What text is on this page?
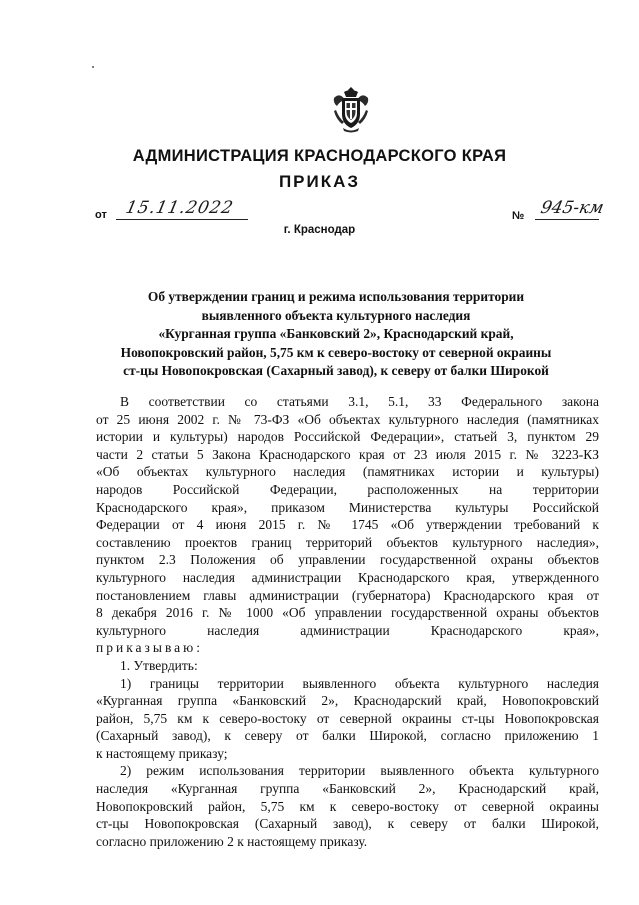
АДМИНИСТРАЦИЯ КРАСНОДАРСКОГО КРАЯ
ПРИКАЗ
от 15.11.2022
г. Краснодар
№ 945-км
Об утверждении границ и режима использования территории
выявленного объекта культурного наследия
«Курганная группа «Банковский 2», Краснодарский край,
Новопокровский район, 5,75 км к северо-востоку от северной окраины
ст-цы Новопокровская (Сахарный завод), к северу от балки Широкой
В соответствии со статьями 3.1, 5.1, 33 Федерального закона
от 25 июня 2002 г. № 73-ФЗ «Об объектах культурного наследия (памятниках
истории и культуры) народов Российской Федерации», статьей 3, пунктом 29
части 2 статьи 5 Закона Краснодарского края от 23 июля 2015 г. № 3223-КЗ
«Об объектах культурного наследия (памятниках истории и культуры)
народов Российской Федерации, расположенных на территории
Краснодарского края», приказом Министерства культуры Российской
Федерации от 4 июня 2015 г. № 1745 «Об утверждении требований к
составлению проектов границ территорий объектов культурного наследия»,
пунктом 2.3 Положения об управлении государственной охраны объектов
культурного наследия администрации Краснодарского края, утвержденного
постановлением главы администрации (губернатора) Краснодарского края от
8 декабря 2016 г. № 1000 «Об управлении государственной охраны объектов
культурного наследия администрации Краснодарского края»,
приказываю:
1. Утвердить:
1) границы территории выявленного объекта культурного наследия
«Курганная группа «Банковский 2», Краснодарский край, Новопокровский
район, 5,75 км к северо-востоку от северной окраины ст-цы Новопокровская
(Сахарный завод), к северу от балки Широкой, согласно приложению 1
к настоящему приказу;
2) режим использования территории выявленного объекта культурного
наследия «Курганная группа «Банковский 2», Краснодарский край,
Новопокровский район, 5,75 км к северо-востоку от северной окраины
ст-цы Новопокровская (Сахарный завод), к северу от балки Широкой,
согласно приложению 2 к настоящему приказу.
